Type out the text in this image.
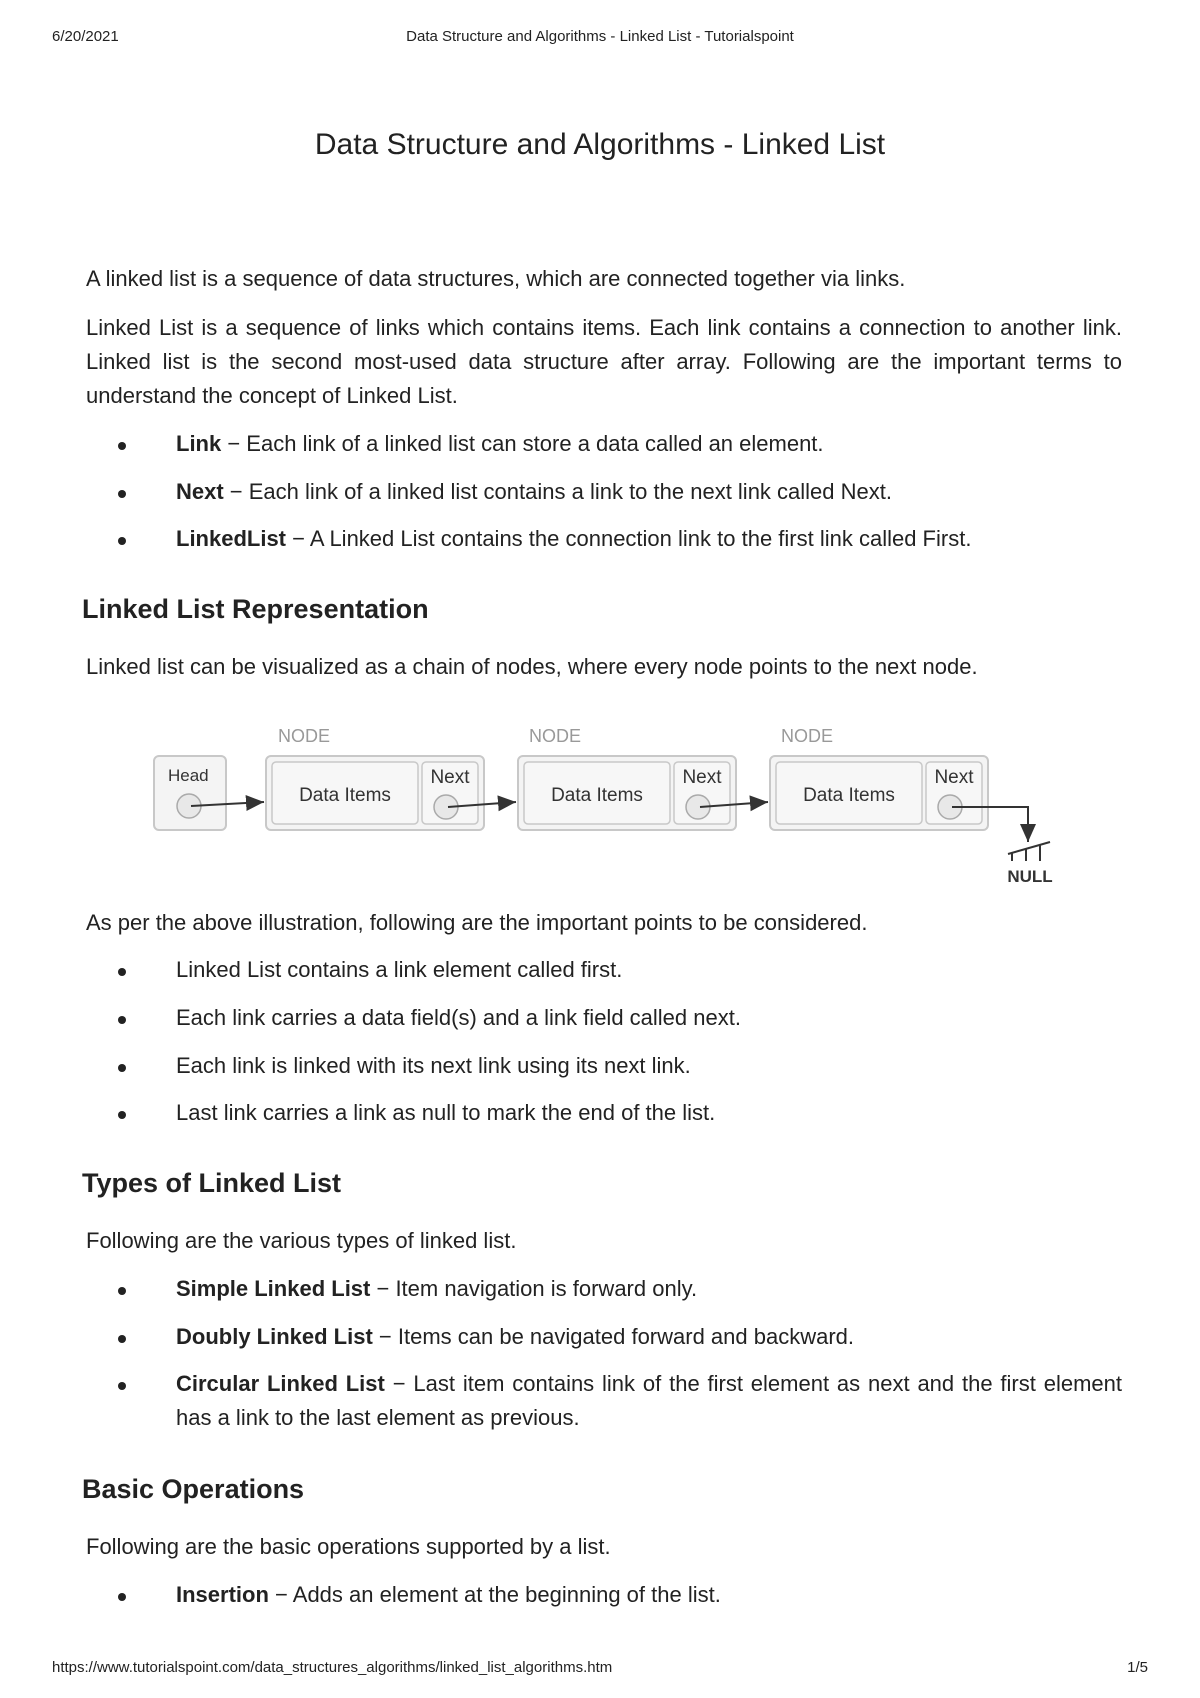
6/20/2021	Data Structure and Algorithms - Linked List - Tutorialspoint
Data Structure and Algorithms - Linked List

A linked list is a sequence of data structures, which are connected together via links.

Linked List is a sequence of links which contains items. Each link contains a connection to another link. Linked list is the second most-used data structure after array. Following are the important terms to understand the concept of Linked List.

Link − Each link of a linked list can store a data called an element.
Next − Each link of a linked list contains a link to the next link called Next.
LinkedList − A Linked List contains the connection link to the first link called First.
Linked List Representation

Linked list can be visualized as a chain of nodes, where every node points to the next node.

NODE	NODE	NODE
Head
Data Items
Next
Data Items
Next
Data Items
Next
NULL

As per the above illustration, following are the important points to be considered.

Linked List contains a link element called first.
Each link carries a data field(s) and a link field called next.
Each link is linked with its next link using its next link.
Last link carries a link as null to mark the end of the list.
Types of Linked List

Following are the various types of linked list.

Simple Linked List − Item navigation is forward only.
Doubly Linked List − Items can be navigated forward and backward.
Circular Linked List − Last item contains link of the first element as next and the first element has a link to the last element as previous.
Basic Operations

Following are the basic operations supported by a list.

Insertion − Adds an element at the beginning of the list.
https://www.tutorialspoint.com/data_structures_algorithms/linked_list_algorithms.htm	1/5
